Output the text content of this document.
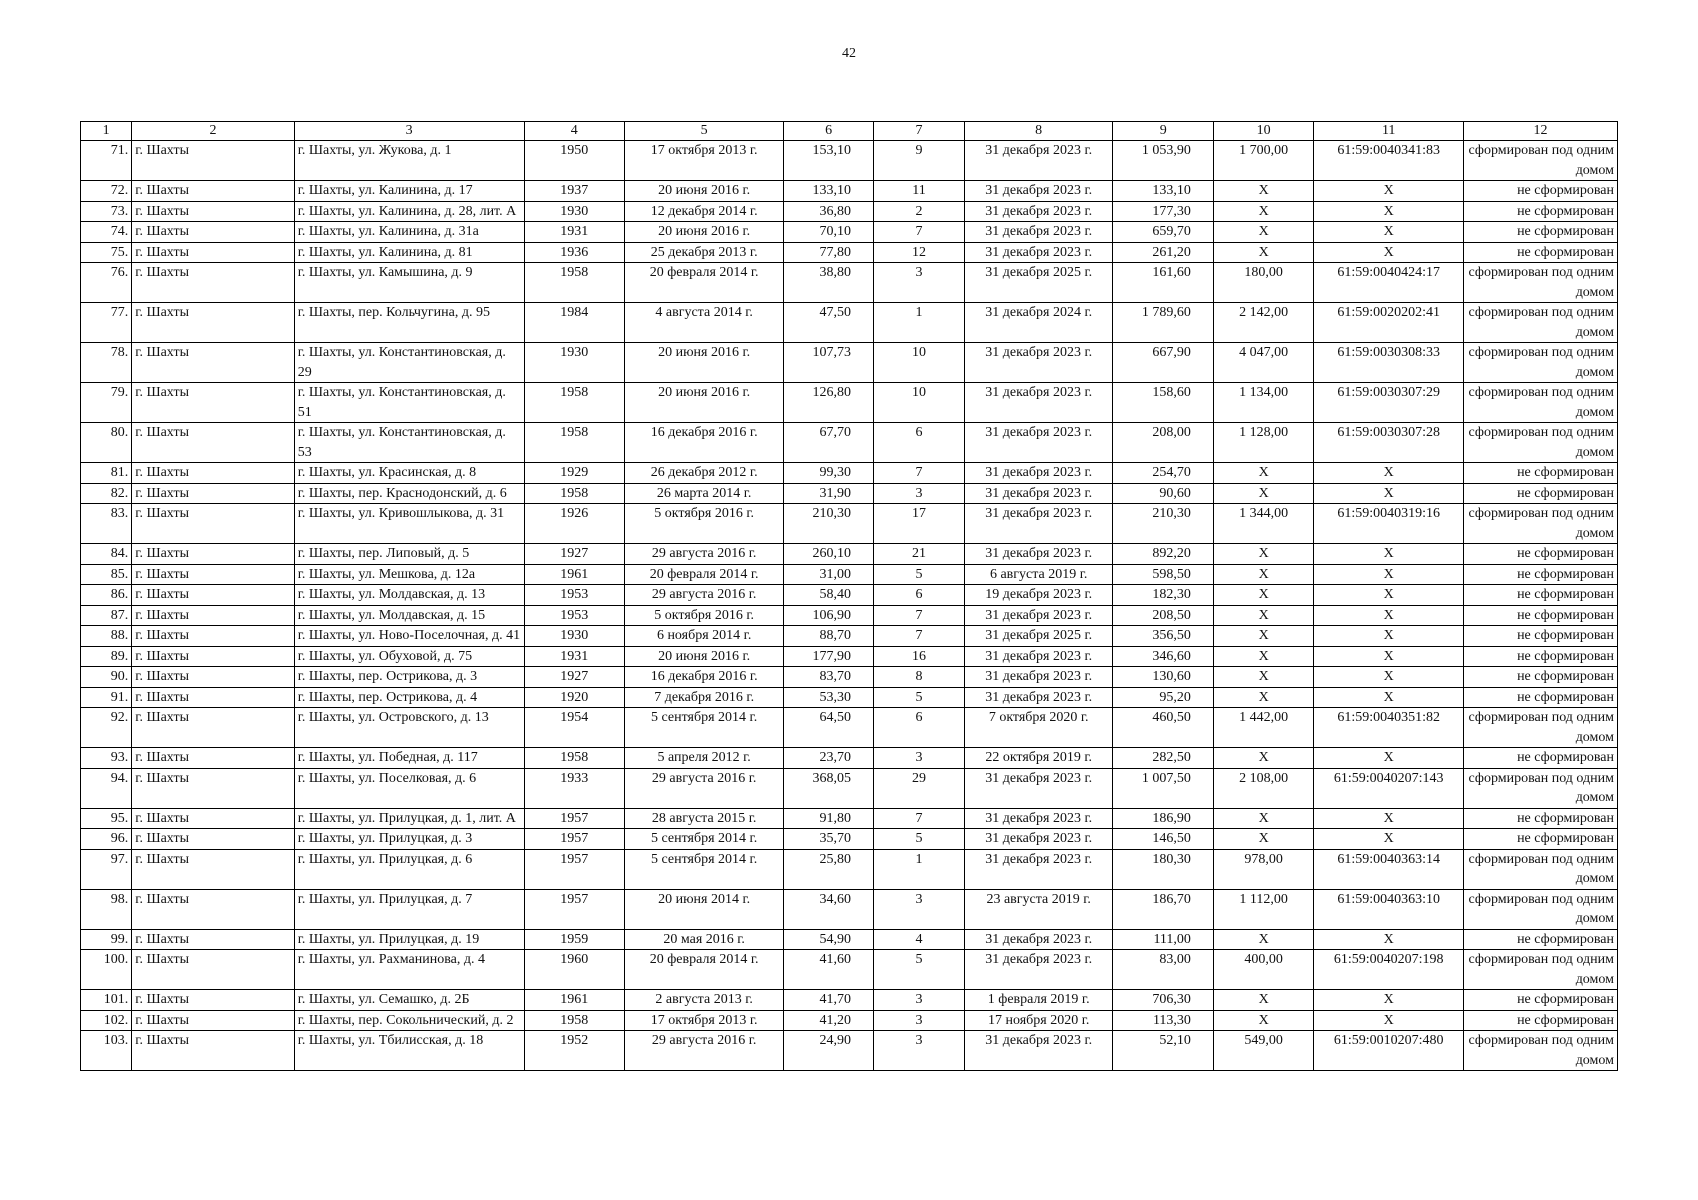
42
1	2	3	4	5	6	7	8	9	10	11	12
71.	г. Шахты	г. Шахты, ул. Жукова, д. 1	1950	17 октября 2013 г.	153,10	9	31 декабря 2023 г.	1 053,90	1 700,00	61:59:0040341:83	сформирован под одним домом
72.	г. Шахты	г. Шахты, ул. Калинина, д. 17	1937	20 июня 2016 г.	133,10	11	31 декабря 2023 г.	133,10	Х	Х	не сформирован
73.	г. Шахты	г. Шахты, ул. Калинина, д. 28, лит. А	1930	12 декабря 2014 г.	36,80	2	31 декабря 2023 г.	177,30	Х	Х	не сформирован
74.	г. Шахты	г. Шахты, ул. Калинина, д. 31а	1931	20 июня 2016 г.	70,10	7	31 декабря 2023 г.	659,70	Х	Х	не сформирован
75.	г. Шахты	г. Шахты, ул. Калинина, д. 81	1936	25 декабря 2013 г.	77,80	12	31 декабря 2023 г.	261,20	Х	Х	не сформирован
76.	г. Шахты	г. Шахты, ул. Камышина, д. 9	1958	20 февраля 2014 г.	38,80	3	31 декабря 2025 г.	161,60	180,00	61:59:0040424:17	сформирован под одним домом
77.	г. Шахты	г. Шахты, пер. Кольчугина, д. 95	1984	4 августа 2014 г.	47,50	1	31 декабря 2024 г.	1 789,60	2 142,00	61:59:0020202:41	сформирован под одним домом
78.	г. Шахты	г. Шахты, ул. Константиновская, д. 29	1930	20 июня 2016 г.	107,73	10	31 декабря 2023 г.	667,90	4 047,00	61:59:0030308:33	сформирован под одним домом
79.	г. Шахты	г. Шахты, ул. Константиновская, д. 51	1958	20 июня 2016 г.	126,80	10	31 декабря 2023 г.	158,60	1 134,00	61:59:0030307:29	сформирован под одним домом
80.	г. Шахты	г. Шахты, ул. Константиновская, д. 53	1958	16 декабря 2016 г.	67,70	6	31 декабря 2023 г.	208,00	1 128,00	61:59:0030307:28	сформирован под одним домом
81.	г. Шахты	г. Шахты, ул. Красинская, д. 8	1929	26 декабря 2012 г.	99,30	7	31 декабря 2023 г.	254,70	Х	Х	не сформирован
82.	г. Шахты	г. Шахты, пер. Краснодонский, д. 6	1958	26 марта 2014 г.	31,90	3	31 декабря 2023 г.	90,60	Х	Х	не сформирован
83.	г. Шахты	г. Шахты, ул. Кривошлыкова, д. 31	1926	5 октября 2016 г.	210,30	17	31 декабря 2023 г.	210,30	1 344,00	61:59:0040319:16	сформирован под одним домом
84.	г. Шахты	г. Шахты, пер. Липовый, д. 5	1927	29 августа 2016 г.	260,10	21	31 декабря 2023 г.	892,20	Х	Х	не сформирован
85.	г. Шахты	г. Шахты, ул. Мешкова, д. 12а	1961	20 февраля 2014 г.	31,00	5	6 августа 2019 г.	598,50	Х	Х	не сформирован
86.	г. Шахты	г. Шахты, ул. Молдавская, д. 13	1953	29 августа 2016 г.	58,40	6	19 декабря 2023 г.	182,30	Х	Х	не сформирован
87.	г. Шахты	г. Шахты, ул. Молдавская, д. 15	1953	5 октября 2016 г.	106,90	7	31 декабря 2023 г.	208,50	Х	Х	не сформирован
88.	г. Шахты	г. Шахты, ул. Ново-Поселочная, д. 41	1930	6 ноября 2014 г.	88,70	7	31 декабря 2025 г.	356,50	Х	Х	не сформирован
89.	г. Шахты	г. Шахты, ул. Обуховой, д. 75	1931	20 июня 2016 г.	177,90	16	31 декабря 2023 г.	346,60	Х	Х	не сформирован
90.	г. Шахты	г. Шахты, пер. Острикова, д. 3	1927	16 декабря 2016 г.	83,70	8	31 декабря 2023 г.	130,60	Х	Х	не сформирован
91.	г. Шахты	г. Шахты, пер. Острикова, д. 4	1920	7 декабря 2016 г.	53,30	5	31 декабря 2023 г.	95,20	Х	Х	не сформирован
92.	г. Шахты	г. Шахты, ул. Островского, д. 13	1954	5 сентября 2014 г.	64,50	6	7 октября 2020 г.	460,50	1 442,00	61:59:0040351:82	сформирован под одним домом
93.	г. Шахты	г. Шахты, ул. Победная, д. 117	1958	5 апреля 2012 г.	23,70	3	22 октября 2019 г.	282,50	Х	Х	не сформирован
94.	г. Шахты	г. Шахты, ул. Поселковая, д. 6	1933	29 августа 2016 г.	368,05	29	31 декабря 2023 г.	1 007,50	2 108,00	61:59:0040207:143	сформирован под одним домом
95.	г. Шахты	г. Шахты, ул. Прилуцкая, д. 1, лит. А	1957	28 августа 2015 г.	91,80	7	31 декабря 2023 г.	186,90	Х	Х	не сформирован
96.	г. Шахты	г. Шахты, ул. Прилуцкая, д. 3	1957	5 сентября 2014 г.	35,70	5	31 декабря 2023 г.	146,50	Х	Х	не сформирован
97.	г. Шахты	г. Шахты, ул. Прилуцкая, д. 6	1957	5 сентября 2014 г.	25,80	1	31 декабря 2023 г.	180,30	978,00	61:59:0040363:14	сформирован под одним домом
98.	г. Шахты	г. Шахты, ул. Прилуцкая, д. 7	1957	20 июня 2014 г.	34,60	3	23 августа 2019 г.	186,70	1 112,00	61:59:0040363:10	сформирован под одним домом
99.	г. Шахты	г. Шахты, ул. Прилуцкая, д. 19	1959	20 мая 2016 г.	54,90	4	31 декабря 2023 г.	111,00	Х	Х	не сформирован
100.	г. Шахты	г. Шахты, ул. Рахманинова, д. 4	1960	20 февраля 2014 г.	41,60	5	31 декабря 2023 г.	83,00	400,00	61:59:0040207:198	сформирован под одним домом
101.	г. Шахты	г. Шахты, ул. Семашко, д. 2Б	1961	2 августа 2013 г.	41,70	3	1 февраля 2019 г.	706,30	Х	Х	не сформирован
102.	г. Шахты	г. Шахты, пер. Сокольнический, д. 2	1958	17 октября 2013 г.	41,20	3	17 ноября 2020 г.	113,30	Х	Х	не сформирован
103.	г. Шахты	г. Шахты, ул. Тбилисская, д. 18	1952	29 августа 2016 г.	24,90	3	31 декабря 2023 г.	52,10	549,00	61:59:0010207:480	сформирован под одним домом
